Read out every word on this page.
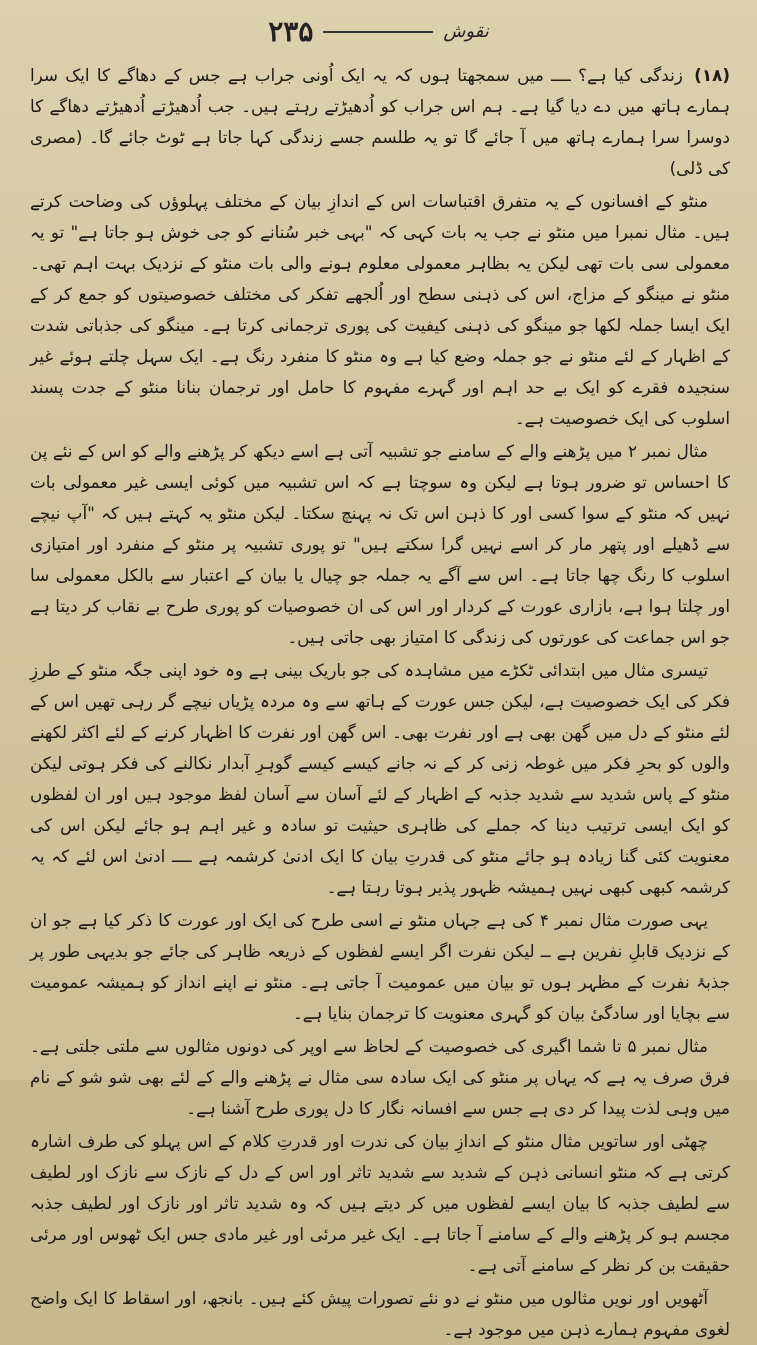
۲۳۵	نقوش

(۱۸) زندگی کیا ہے؟ ــــ میں سمجھتا ہوں کہ یہ ایک اُونی جراب ہے جس کے دھاگے کا ایک سرا ہمارے ہاتھ میں دے دیا گیا ہے۔ ہم اس جراب کو اُدھیڑتے رہتے ہیں۔ جب اُدھیڑتے اُدھیڑتے دھاگے کا دوسرا سرا ہمارے ہاتھ میں آ جائے گا تو یہ طلسم جسے زندگی کہا جاتا ہے ٹوٹ جائے گا۔ (مصری کی ڈلی)

منٹو کے افسانوں کے یہ متفرق اقتباسات اس کے اندازِ بیان کے مختلف پہلوؤں کی وضاحت کرتے ہیں۔ مثال نمبرا میں منٹو نے جب یہ بات کہی کہ "بہی خبر سُنانے کو جی خوش ہو جاتا ہے" تو یہ معمولی سی بات تھی لیکن یہ بظاہر معمولی معلوم ہونے والی بات منٹو کے نزدیک بہت اہم تھی۔ منٹو نے مینگو کے مزاج، اس کی ذہنی سطح اور اُلجھے تفکر کی مختلف خصوصیتوں کو جمع کر کے ایک ایسا جملہ لکھا جو مینگو کی ذہنی کیفیت کی پوری ترجمانی کرتا ہے۔ مینگو کی جذباتی شدت کے اظہار کے لئے منٹو نے جو جملہ وضع کیا ہے وہ منٹو کا منفرد رنگ ہے۔ ایک سہل چلتے ہوئے غیر سنجیدہ فقرے کو ایک بے حد اہم اور گہرے مفہوم کا حامل اور ترجمان بنانا منٹو کے جدت پسند اسلوب کی ایک خصوصیت ہے۔

مثال نمبر ۲ میں پڑھنے والے کے سامنے جو تشبیہ آتی ہے اسے دیکھ کر پڑھنے والے کو اس کے نئے پن کا احساس تو ضرور ہوتا ہے لیکن وہ سوچتا ہے کہ اس تشبیہ میں کوئی ایسی غیر معمولی بات نہیں کہ منٹو کے سوا کسی اور کا ذہن اس تک نہ پہنچ سکتا۔ لیکن منٹو یہ کہتے ہیں کہ "آپ نیچے سے ڈھیلے اور پتھر مار کر اسے نہیں گرا سکتے ہیں" تو پوری تشبیہ پر منٹو کے منفرد اور امتیازی اسلوب کا رنگ چھا جاتا ہے۔ اس سے آگے یہ جملہ جو چیال یا بیان کے اعتبار سے بالکل معمولی سا اور چلتا ہوا ہے، بازاری عورت کے کردار اور اس کی ان خصوصیات کو پوری طرح بے نقاب کر دیتا ہے جو اس جماعت کی عورتوں کی زندگی کا امتیاز بھی جاتی ہیں۔

تیسری مثال میں ابتدائی ٹکڑے میں مشاہدہ کی جو باریک بینی ہے وہ خود اپنی جگہ منٹو کے طرزِ فکر کی ایک خصوصیت ہے، لیکن جس عورت کے ہاتھ سے وہ مردہ پڑیاں نیچے گر رہی تھیں اس کے لئے منٹو کے دل میں گھن بھی ہے اور نفرت بھی۔ اس گھن اور نفرت کا اظہار کرنے کے لئے اکثر لکھنے والوں کو بحرِ فکر میں غوطہ زنی کر کے نہ جانے کیسے کیسے گوہرِ آبدار نکالنے کی فکر ہوتی لیکن منٹو کے پاس شدید سے شدید جذبہ کے اظہار کے لئے آسان سے آسان لفظ موجود ہیں اور ان لفظوں کو ایک ایسی ترتیب دینا کہ جملے کی ظاہری حیثیت تو سادہ و غیر اہم ہو جائے لیکن اس کی معنویت کئی گنا زیادہ ہو جائے منٹو کی قدرتِ بیان کا ایک ادنیٰ کرشمہ ہے ــــ ادنیٰ اس لئے کہ یہ کرشمہ کبھی کبھی نہیں ہمیشہ ظہور پذیر ہوتا رہتا ہے۔

یہی صورت مثال نمبر ۴ کی ہے جہاں منٹو نے اسی طرح کی ایک اور عورت کا ذکر کیا ہے جو ان کے نزدیک قابلِ نفرین ہے ــ لیکن نفرت اگر ایسے لفظوں کے ذریعہ ظاہر کی جائے جو بدیہی طور پر جذبۂ نفرت کے مظہر ہوں تو بیان میں عمومیت آ جاتی ہے۔ منٹو نے اپنے انداز کو ہمیشہ عمومیت سے بچایا اور سادگیٔ بیان کو گہری معنویت کا ترجمان بنایا ہے۔

مثال نمبر ۵ تا شما اگیری کی خصوصیت کے لحاظ سے اوپر کی دونوں مثالوں سے ملتی جلتی ہے۔ فرق صرف یہ ہے کہ یہاں پر منٹو کی ایک سادہ سی مثال نے پڑھنے والے کے لئے بھی شو شو کے نام میں وہی لذت پیدا کر دی ہے جس سے افسانہ نگار کا دل پوری طرح آشنا ہے۔

چھٹی اور ساتویں مثال منٹو کے اندازِ بیان کی ندرت اور قدرتِ کلام کے اس پہلو کی طرف اشارہ کرتی ہے کہ منٹو انسانی ذہن کے شدید سے شدید تاثر اور اس کے دل کے نازک سے نازک اور لطیف سے لطیف جذبہ کا بیان ایسے لفظوں میں کر دیتے ہیں کہ وہ شدید تاثر اور نازک اور لطیف جذبہ مجسم ہو کر پڑھنے والے کے سامنے آ جاتا ہے۔ ایک غیر مرئی اور غیر مادی جس ایک ٹھوس اور مرئی حقیقت بن کر نظر کے سامنے آتی ہے۔

آٹھویں اور نویں مثالوں میں منٹو نے دو نئے تصورات پیش کئے ہیں۔ بانجھ، اور اسقاط کا ایک واضح لغوی مفہوم ہمارے ذہن میں موجود ہے۔
